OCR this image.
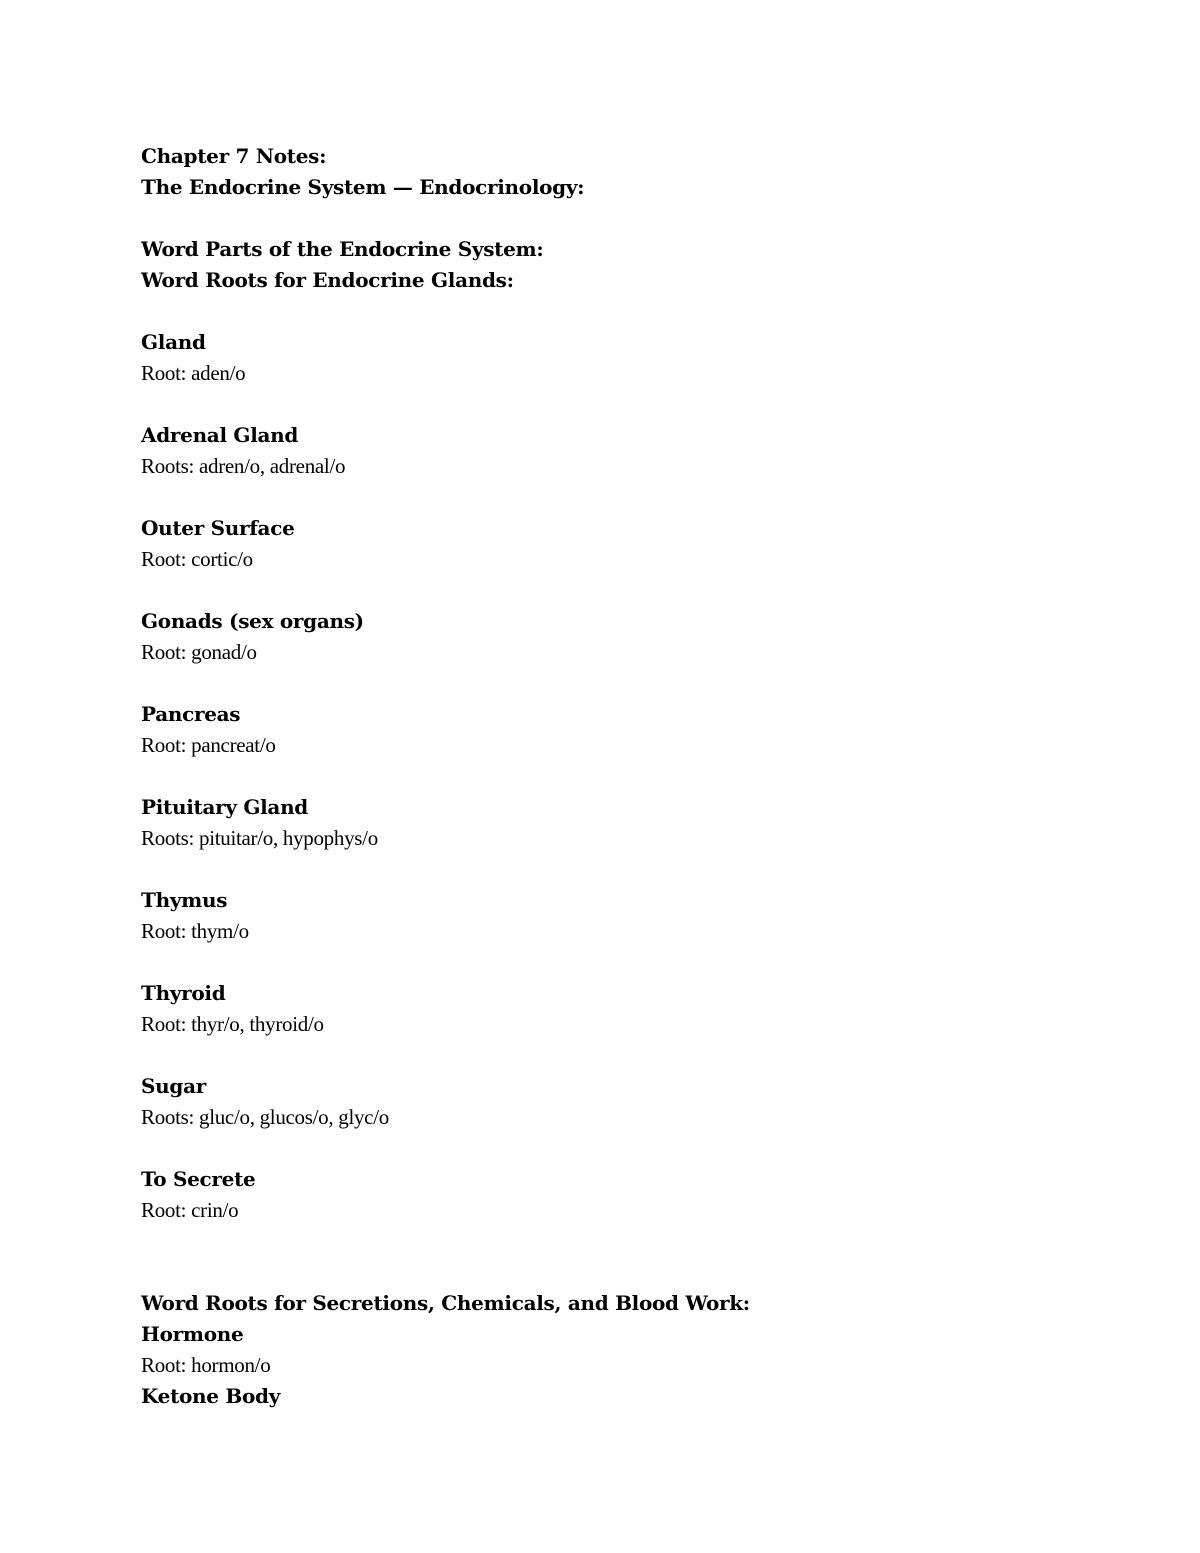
Chapter 7 Notes:
The Endocrine System — Endocrinology:
Word Parts of the Endocrine System:
Word Roots for Endocrine Glands:
Gland
Root: aden/o
Adrenal Gland
Roots: adren/o, adrenal/o
Outer Surface
Root: cortic/o
Gonads (sex organs)
Root: gonad/o
Pancreas
Root: pancreat/o
Pituitary Gland
Roots: pituitar/o, hypophys/o
Thymus
Root: thym/o
Thyroid
Root: thyr/o, thyroid/o
Sugar
Roots: gluc/o, glucos/o, glyc/o
To Secrete
Root: crin/o
Word Roots for Secretions, Chemicals, and Blood Work:
Hormone
Root: hormon/o
Ketone Body
